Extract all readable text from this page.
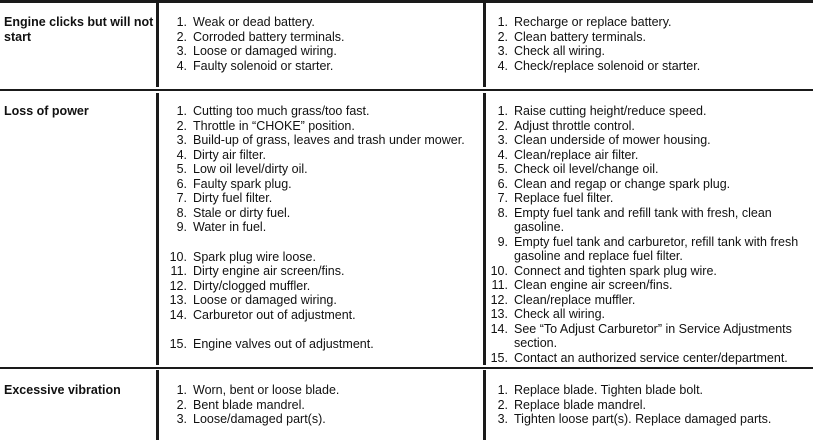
Engine clicks but will not start

1. Weak or dead battery.
2. Corroded battery terminals.
3. Loose or damaged wiring.
4. Faulty solenoid or starter.
1. Recharge or replace battery.
2. Clean battery terminals.
3. Check all wiring.
4. Check/replace solenoid or starter.

Loss of power	1. Cutting too much grass/too fast.
2. Throttle in “CHOKE” position.
3. Build-up of grass, leaves and trash under mower.
4. Dirty air filter.
5. Low oil level/dirty oil.
6. Faulty spark plug.
7. Dirty fuel filter.
8. Stale or dirty fuel.
9. Water in fuel.
10. Spark plug wire loose.
11. Dirty engine air screen/fins.
12. Dirty/clogged muffler.
13. Loose or damaged wiring.
14. Carburetor out of adjustment.
15. Engine valves out of adjustment.
1. Raise cutting height/reduce speed.
2. Adjust throttle control.
3. Clean underside of mower housing.
4. Clean/replace air filter.
5. Check oil level/change oil.
6. Clean and regap or change spark plug.
7. Replace fuel filter.
8. Empty fuel tank and refill tank with fresh, clean gasoline.
9. Empty fuel tank and carburetor, refill tank with fresh gasoline and replace fuel filter.
10. Connect and tighten spark plug wire.
11. Clean engine air screen/fins.
12. Clean/replace muffler.
13. Check all wiring.
14. See “To Adjust Carburetor” in Service Adjustments section.
15. Contact an authorized service center/department.

Excessive vibration	1. Worn, bent or loose blade.
2. Bent blade mandrel.
3. Loose/damaged part(s).
1. Replace blade. Tighten blade bolt.
2. Replace blade mandrel.
3. Tighten loose part(s). Replace damaged parts.
